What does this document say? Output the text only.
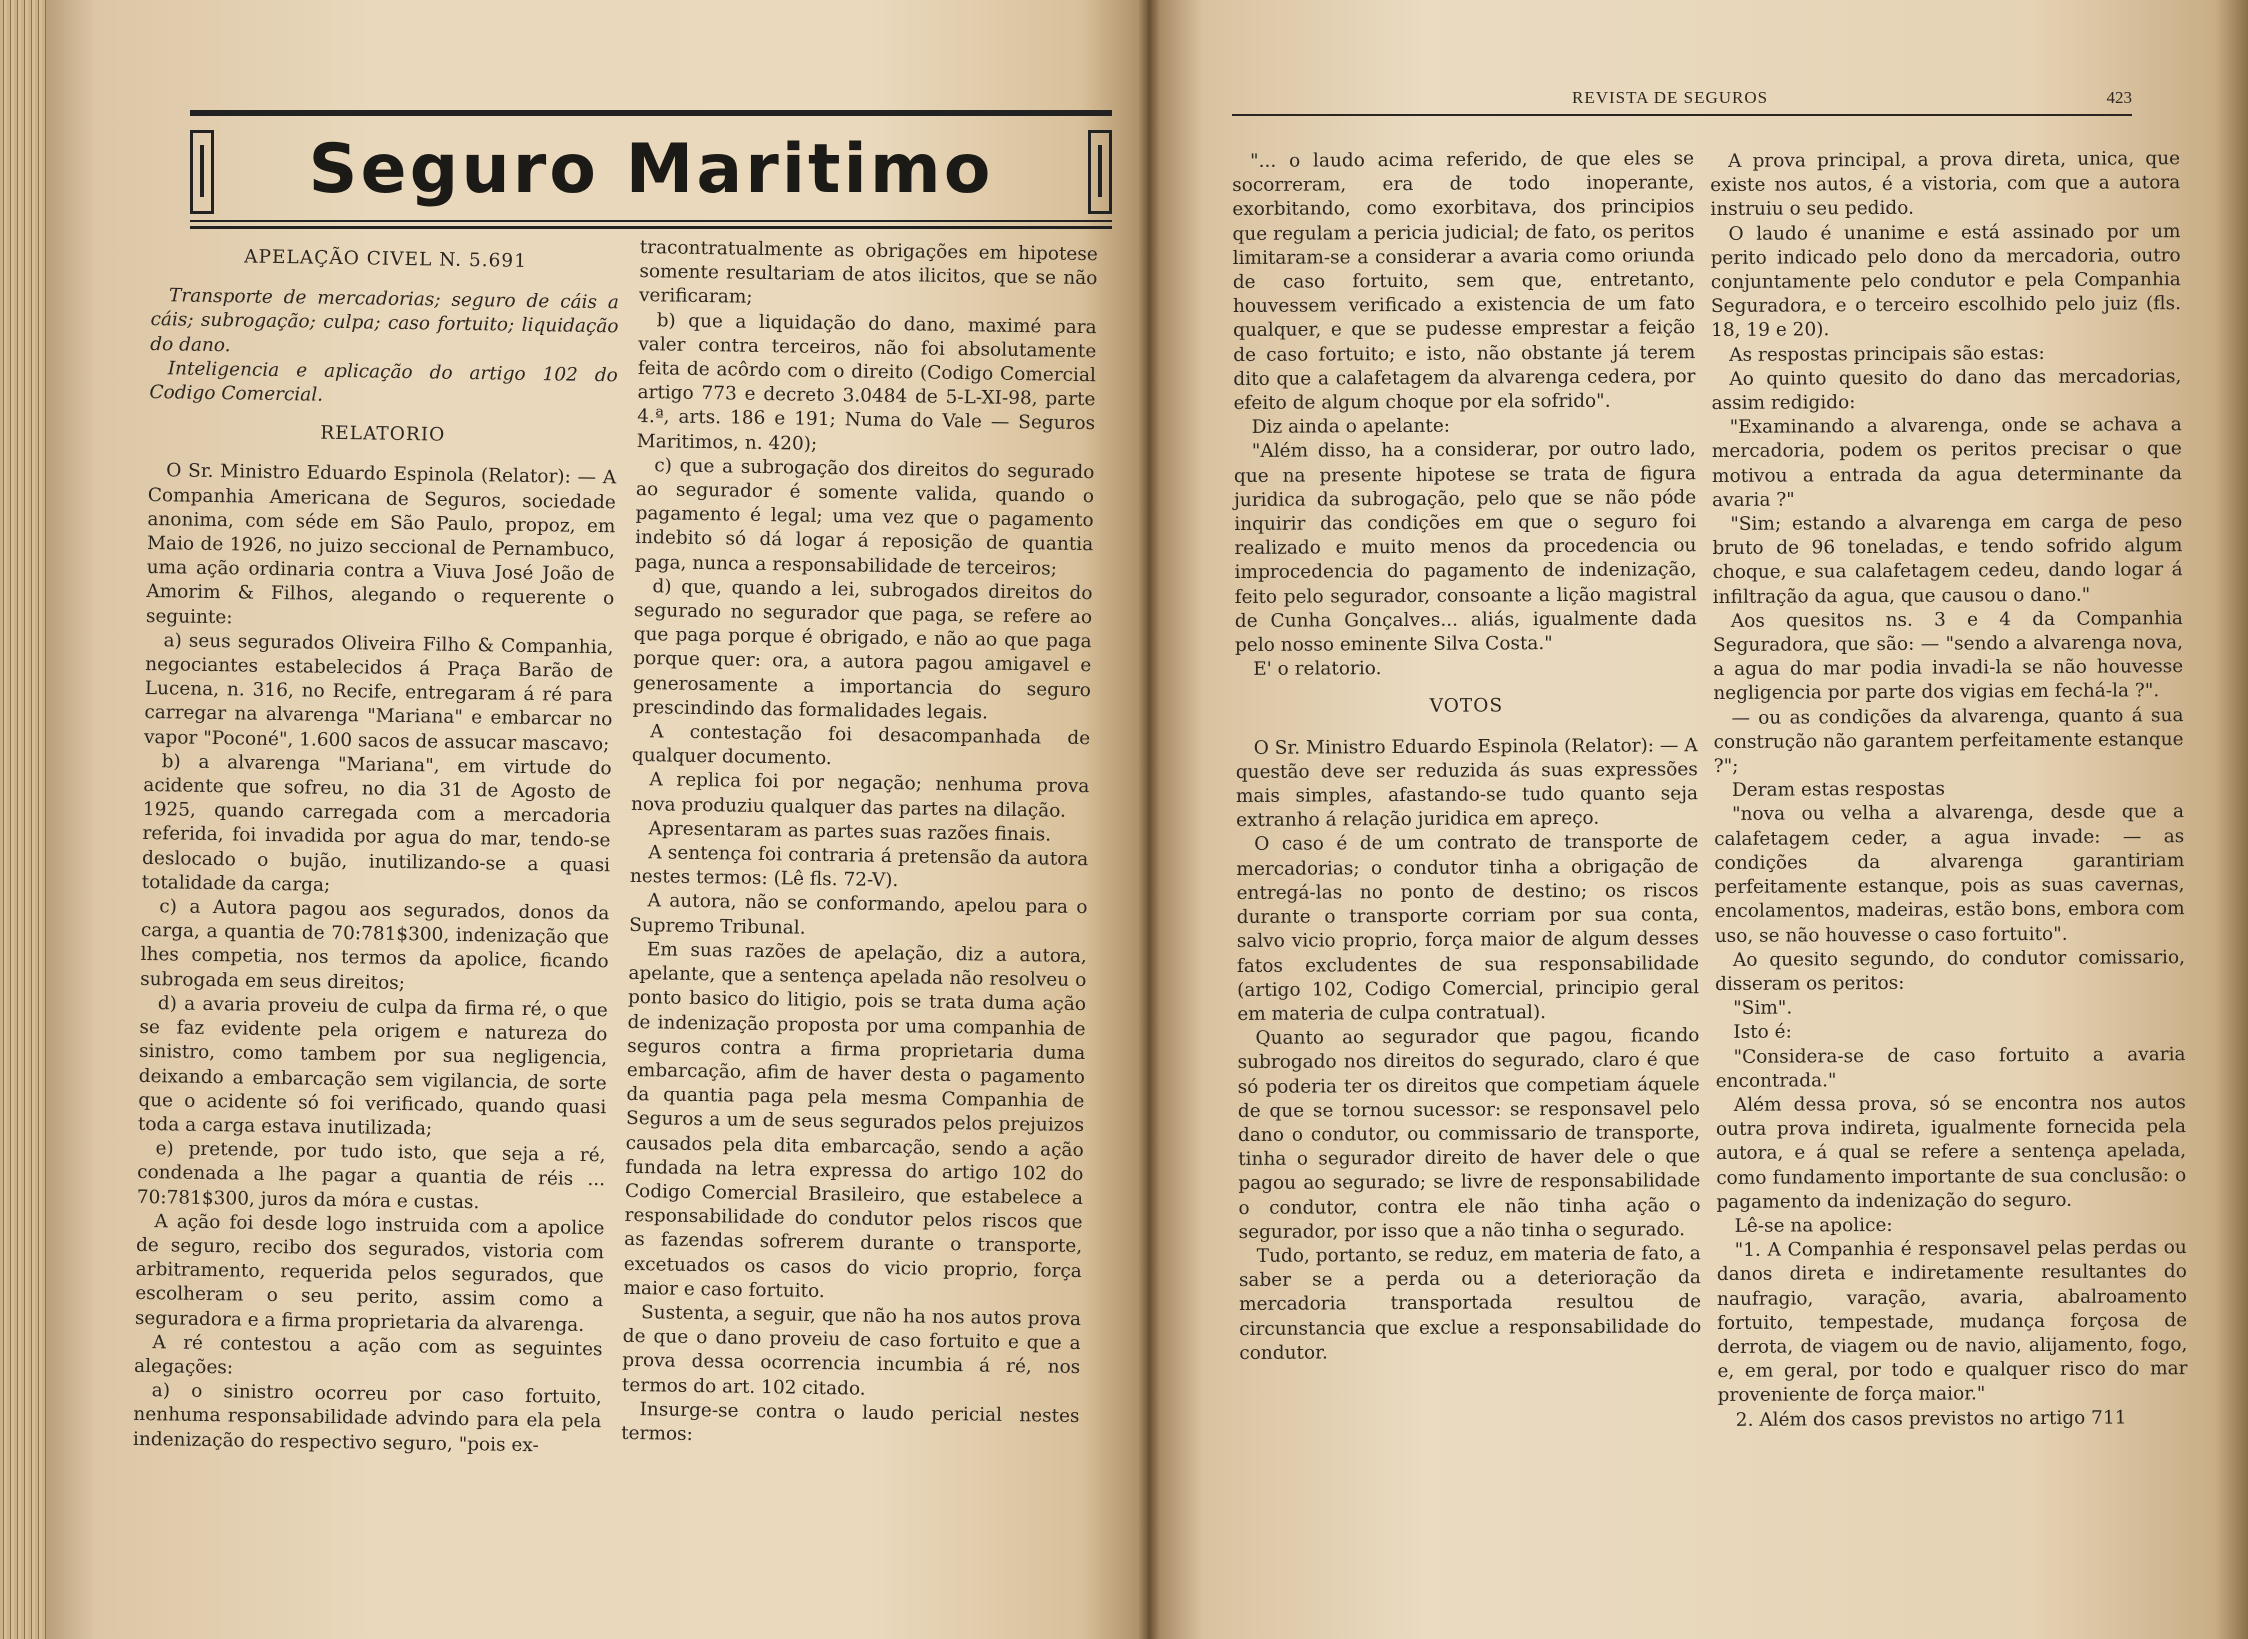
Seguro Maritimo

APELAÇÃO CIVEL N. 5.691

Transporte de mercadorias; seguro de cáis a cáis; subrogação; culpa; caso fortuito; liquidação do dano.

Inteligencia e aplicação do artigo 102 do Codigo Comercial.

RELATORIO

O Sr. Ministro Eduardo Espinola (Relator): — A Companhia Americana de Seguros, sociedade anonima, com séde em São Paulo, propoz, em Maio de 1926, no juizo seccional de Pernambuco, uma ação ordinaria contra a Viuva José João de Amorim & Filhos, alegando o requerente o seguinte:

a) seus segurados Oliveira Filho & Companhia, negociantes estabelecidos á Praça Barão de Lucena, n. 316, no Recife, entregaram á ré para carregar na alvarenga "Mariana" e embarcar no vapor "Poconé", 1.600 sacos de assucar mascavo;

b) a alvarenga "Mariana", em virtude do acidente que sofreu, no dia 31 de Agosto de 1925, quando carregada com a mercadoria referida, foi invadida por agua do mar, tendo-se deslocado o bujão, inutilizando-se a quasi totalidade da carga;

c) a Autora pagou aos segurados, donos da carga, a quantia de 70:781$300, indenização que lhes competia, nos termos da apolice, ficando subrogada em seus direitos;

d) a avaria proveiu de culpa da firma ré, o que se faz evidente pela origem e natureza do sinistro, como tambem por sua negligencia, deixando a embarcação sem vigilancia, de sorte que o acidente só foi verificado, quando quasi toda a carga estava inutilizada;

e) pretende, por tudo isto, que seja a ré, condenada a lhe pagar a quantia de réis ... 70:781$300, juros da móra e custas.

A ação foi desde logo instruida com a apolice de seguro, recibo dos segurados, vistoria com arbitramento, requerida pelos segurados, que escolheram o seu perito, assim como a seguradora e a firma proprietaria da alvarenga.

A ré contestou a ação com as seguintes alegações:

a) o sinistro ocorreu por caso fortuito, nenhuma responsabilidade advindo para ela pela indenização do respectivo seguro, "pois ex-

tracontratualmente as obrigações em hipotese somente resultariam de atos ilicitos, que se não verificaram;

b) que a liquidação do dano, maximé para valer contra terceiros, não foi absolutamente feita de acôrdo com o direito (Codigo Comercial artigo 773 e decreto 3.0484 de 5-L-XI-98, parte 4.ª, arts. 186 e 191; Numa do Vale — Seguros Maritimos, n. 420);

c) que a subrogação dos direitos do segurado ao segurador é somente valida, quando o pagamento é legal; uma vez que o pagamento indebito só dá logar á reposição de quantia paga, nunca a responsabilidade de terceiros;

d) que, quando a lei, subrogados direitos do segurado no segurador que paga, se refere ao que paga porque é obrigado, e não ao que paga porque quer: ora, a autora pagou amigavel e generosamente a importancia do seguro prescindindo das formalidades legais.

A contestação foi desacompanhada de qualquer documento.

A replica foi por negação; nenhuma prova nova produziu qualquer das partes na dilação.

Apresentaram as partes suas razões finais.

A sentença foi contraria á pretensão da autora nestes termos: (Lê fls. 72-V).

A autora, não se conformando, apelou para o Supremo Tribunal.

Em suas razões de apelação, diz a autora, apelante, que a sentença apelada não resolveu o ponto basico do litigio, pois se trata duma ação de indenização proposta por uma companhia de seguros contra a firma proprietaria duma embarcação, afim de haver desta o pagamento da quantia paga pela mesma Companhia de Seguros a um de seus segurados pelos prejuizos causados pela dita embarcação, sendo a ação fundada na letra expressa do artigo 102 do Codigo Comercial Brasileiro, que estabelece a responsabilidade do condutor pelos riscos que as fazendas sofrerem durante o transporte, excetuados os casos do vicio proprio, força maior e caso fortuito.

Sustenta, a seguir, que não ha nos autos prova de que o dano proveiu de caso fortuito e que a prova dessa ocorrencia incumbia á ré, nos termos do art. 102 citado.

Insurge-se contra o laudo pericial nestes termos:

REVISTA DE SEGUROS	423

"... o laudo acima referido, de que eles se socorreram, era de todo inoperante, exorbitando, como exorbitava, dos principios que regulam a pericia judicial; de fato, os peritos limitaram-se a considerar a avaria como oriunda de caso fortuito, sem que, entretanto, houvessem verificado a existencia de um fato qualquer, e que se pudesse emprestar a feição de caso fortuito; e isto, não obstante já terem dito que a calafetagem da alvarenga cedera, por efeito de algum choque por ela sofrido".

Diz ainda o apelante:

"Além disso, ha a considerar, por outro lado, que na presente hipotese se trata de figura juridica da subrogação, pelo que se não póde inquirir das condições em que o seguro foi realizado e muito menos da procedencia ou improcedencia do pagamento de indenização, feito pelo segurador, consoante a lição magistral de Cunha Gonçalves... aliás, igualmente dada pelo nosso eminente Silva Costa."

E' o relatorio.

VOTOS

O Sr. Ministro Eduardo Espinola (Relator): — A questão deve ser reduzida ás suas expressões mais simples, afastando-se tudo quanto seja extranho á relação juridica em apreço.

O caso é de um contrato de transporte de mercadorias; o condutor tinha a obrigação de entregá-las no ponto de destino; os riscos durante o transporte corriam por sua conta, salvo vicio proprio, força maior de algum desses fatos excludentes de sua responsabilidade (artigo 102, Codigo Comercial, principio geral em materia de culpa contratual).

Quanto ao segurador que pagou, ficando subrogado nos direitos do segurado, claro é que só poderia ter os direitos que competiam áquele de que se tornou sucessor: se responsavel pelo dano o condutor, ou commissario de transporte, tinha o segurador direito de haver dele o que pagou ao segurado; se livre de responsabilidade o condutor, contra ele não tinha ação o segurador, por isso que a não tinha o segurado.

Tudo, portanto, se reduz, em materia de fato, a saber se a perda ou a deterioração da mercadoria transportada resultou de circunstancia que exclue a responsabilidade do condutor.

A prova principal, a prova direta, unica, que existe nos autos, é a vistoria, com que a autora instruiu o seu pedido.

O laudo é unanime e está assinado por um perito indicado pelo dono da mercadoria, outro conjuntamente pelo condutor e pela Companhia Seguradora, e o terceiro escolhido pelo juiz (fls. 18, 19 e 20).

As respostas principais são estas:

Ao quinto quesito do dano das mercadorias, assim redigido:

"Examinando a alvarenga, onde se achava a mercadoria, podem os peritos precisar o que motivou a entrada da agua determinante da avaria ?"

"Sim; estando a alvarenga em carga de peso bruto de 96 toneladas, e tendo sofrido algum choque, e sua calafetagem cedeu, dando logar á infiltração da agua, que causou o dano."

Aos quesitos ns. 3 e 4 da Companhia Seguradora, que são: — "sendo a alvarenga nova, a agua do mar podia invadi-la se não houvesse negligencia por parte dos vigias em fechá-la ?".

— ou as condições da alvarenga, quanto á sua construção não garantem perfeitamente estanque ?";

Deram estas respostas

"nova ou velha a alvarenga, desde que a calafetagem ceder, a agua invade: — as condições da alvarenga garantiriam perfeitamente estanque, pois as suas cavernas, encolamentos, madeiras, estão bons, embora com uso, se não houvesse o caso fortuito".

Ao quesito segundo, do condutor comissario, disseram os peritos:

"Sim".

Isto é:

"Considera-se de caso fortuito a avaria encontrada."

Além dessa prova, só se encontra nos autos outra prova indireta, igualmente fornecida pela autora, e á qual se refere a sentença apelada, como fundamento importante de sua conclusão: o pagamento da indenização do seguro.

Lê-se na apolice:

"1. A Companhia é responsavel pelas perdas ou danos direta e indiretamente resultantes do naufragio, varação, avaria, abalroamento fortuito, tempestade, mudança forçosa de derrota, de viagem ou de navio, alijamento, fogo, e, em geral, por todo e qualquer risco do mar proveniente de força maior."

2. Além dos casos previstos no artigo 711
